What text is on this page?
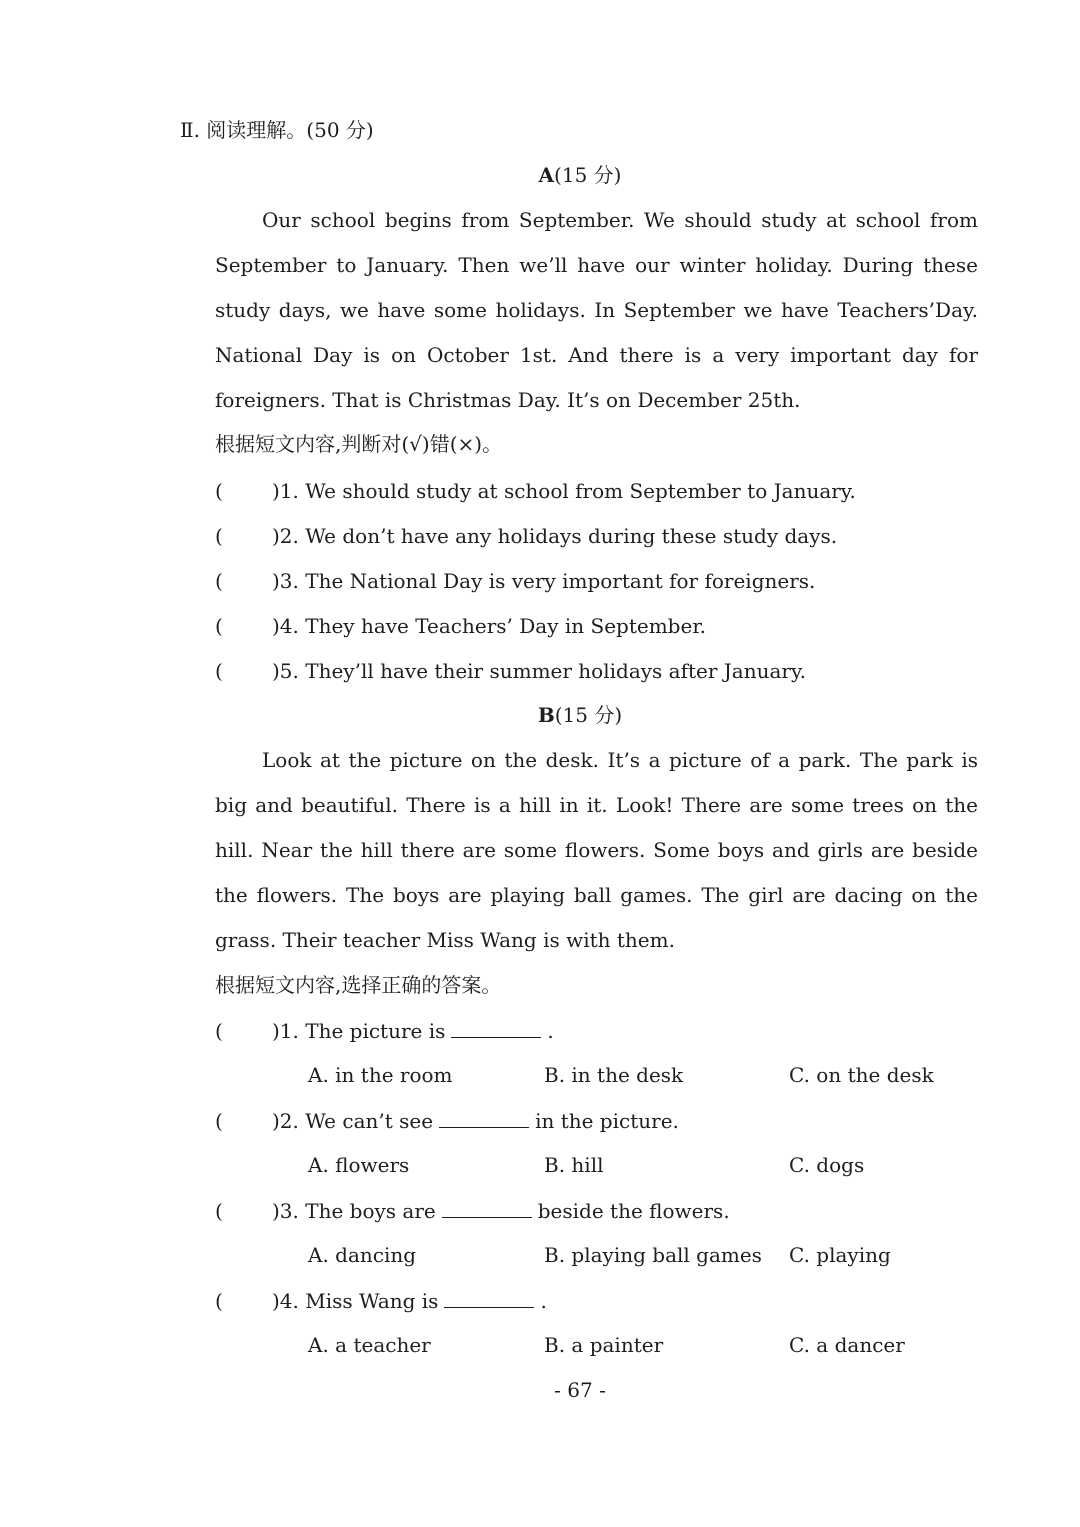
Ⅱ. 阅读理解。(50 分)
A(15 分)
Our school begins from September. We should study at school from September to January. Then we’ll have our winter holiday. During these study days, we have some holidays. In September we have Teachers’Day. National Day is on October 1st. And there is a very important day for foreigners. That is Christmas Day. It’s on December 25th.
根据短文内容,判断对(√)错(×)。
( )1. We should study at school from September to January.
( )2. We don’t have any holidays during these study days.
( )3. The National Day is very important for foreigners.
( )4. They have Teachers’ Day in September.
( )5. They’ll have their summer holidays after January.
B(15 分)
Look at the picture on the desk. It’s a picture of a park. The park is big and beautiful. There is a hill in it. Look! There are some trees on the hill. Near the hill there are some flowers. Some boys and girls are beside the flowers. The boys are playing ball games. The girl are dacing on the grass. Their teacher Miss Wang is with them.
根据短文内容,选择正确的答案。
( )1. The picture is	.
A. in the room	B. in the desk	C. on the desk
( )2. We can’t see	in the picture.
A. flowers	B. hill	C. dogs
( )3. The boys are	beside the flowers.
A. dancing	B. playing ball games C. playing
( )4. Miss Wang is	.
A. a teacher	B. a painter	C. a dancer
- 67 -
